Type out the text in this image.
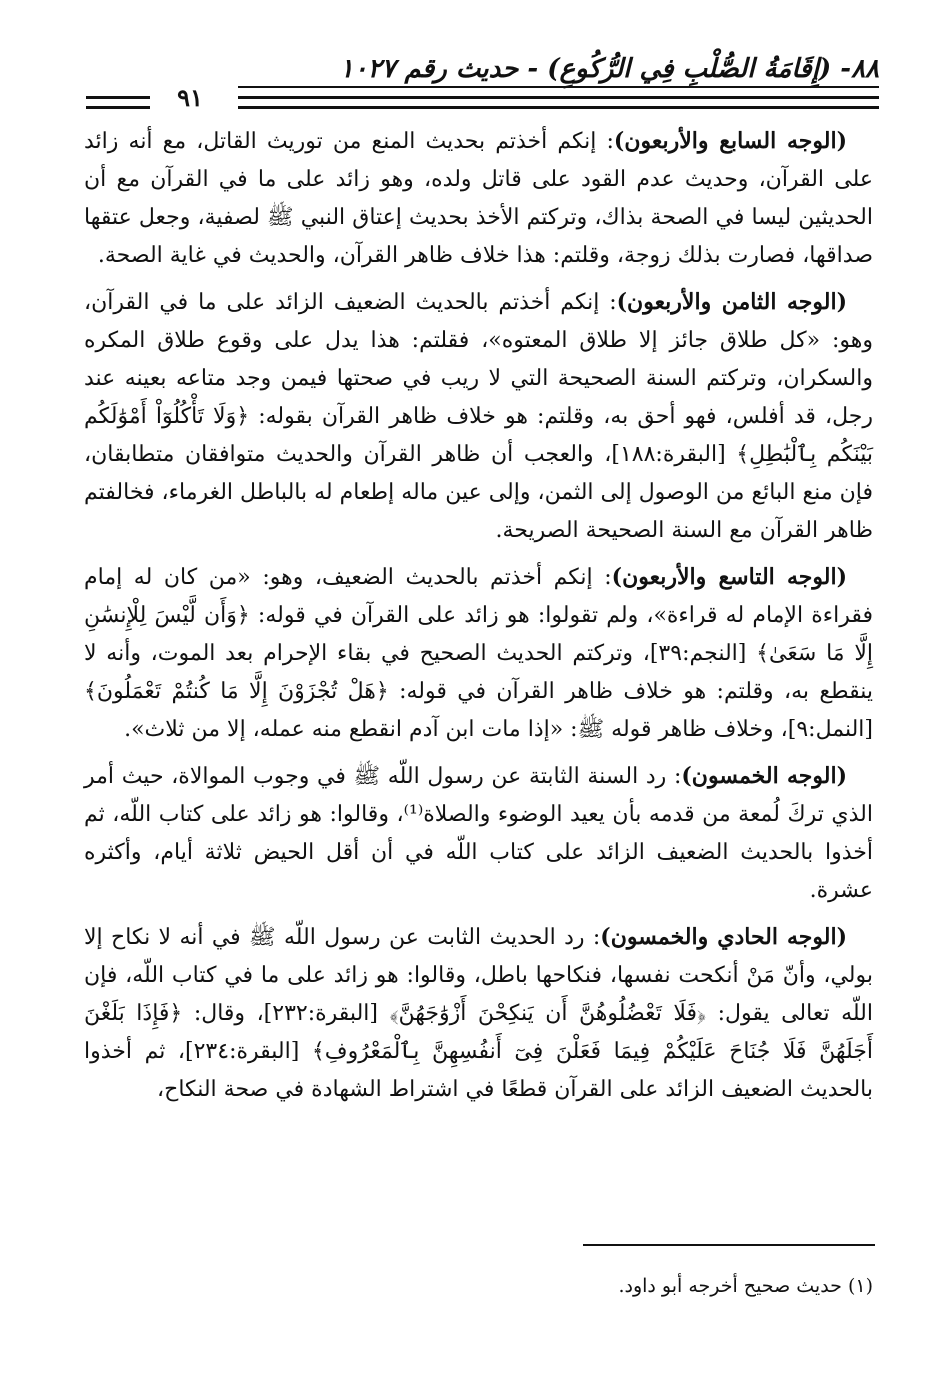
٨٨- (إِقَامَةُ الصُّلْبِ فِي الرُّكُوعِ) - حديث رقم ١٠٢٧
٩١

(الوجه السابع والأربعون): إنكم أخذتم بحديث المنع من توريث القاتل، مع أنه زائد على القرآن، وحديث عدم القود على قاتل ولده، وهو زائد على ما في القرآن مع أن الحديثين ليسا في الصحة بذاك، وتركتم الأخذ بحديث إعتاق النبي ﷺ لصفية، وجعل عتقها صداقها، فصارت بذلك زوجة، وقلتم: هذا خلاف ظاهر القرآن، والحديث في غاية الصحة.

(الوجه الثامن والأربعون): إنكم أخذتم بالحديث الضعيف الزائد على ما في القرآن، وهو: «كل طلاق جائز إلا طلاق المعتوه»، فقلتم: هذا يدل على وقوع طلاق المكره والسكران، وتركتم السنة الصحيحة التي لا ريب في صحتها فيمن وجد متاعه بعينه عند رجل، قد أفلس، فهو أحق به، وقلتم: هو خلاف ظاهر القرآن بقوله: ﴿وَلَا تَأْكُلُوٓاْ أَمْوَٰلَكُم بَيْنَكُم بِٱلْبَٰطِلِ﴾ [البقرة:١٨٨]، والعجب أن ظاهر القرآن والحديث متوافقان متطابقان، فإن منع البائع من الوصول إلى الثمن، وإلى عين ماله إطعام له بالباطل الغرماء، فخالفتم ظاهر القرآن مع السنة الصحيحة الصريحة.

(الوجه التاسع والأربعون): إنكم أخذتم بالحديث الضعيف، وهو: «من كان له إمام فقراءة الإمام له قراءة»، ولم تقولوا: هو زائد على القرآن في قوله: ﴿وَأَن لَّيْسَ لِلْإِنسَٰنِ إِلَّا مَا سَعَىٰ﴾ [النجم:٣٩]، وتركتم الحديث الصحيح في بقاء الإحرام بعد الموت، وأنه لا ينقطع به، وقلتم: هو خلاف ظاهر القرآن في قوله: ﴿هَلْ تُجْزَوْنَ إِلَّا مَا كُنتُمْ تَعْمَلُونَ﴾ [النمل:٩]، وخلاف ظاهر قوله ﷺ: «إذا مات ابن آدم انقطع منه عمله، إلا من ثلاث».

(الوجه الخمسون): رد السنة الثابتة عن رسول اللّه ﷺ في وجوب الموالاة، حيث أمر الذي تركَ لُمعة من قدمه بأن يعيد الوضوء والصلاة⁽¹⁾، وقالوا: هو زائد على كتاب اللّه، ثم أخذوا بالحديث الضعيف الزائد على كتاب اللّه في أن أقل الحيض ثلاثة أيام، وأكثره عشرة.

(الوجه الحادي والخمسون): رد الحديث الثابت عن رسول اللّه ﷺ في أنه لا نكاح إلا بولي، وأنّ مَنْ أنكحت نفسها، فنكاحها باطل، وقالوا: هو زائد على ما في كتاب اللّه، فإن اللّه تعالى يقول: ﴿فَلَا تَعْضُلُوهُنَّ أَن يَنكِحْنَ أَزْوَٰجَهُنَّ﴾ [البقرة:٢٣٢]، وقال: ﴿فَإِذَا بَلَغْنَ أَجَلَهُنَّ فَلَا جُنَاحَ عَلَيْكُمْ فِيمَا فَعَلْنَ فِىٓ أَنفُسِهِنَّ بِٱلْمَعْرُوفِ﴾ [البقرة:٢٣٤]، ثم أخذوا بالحديث الضعيف الزائد على القرآن قطعًا في اشتراط الشهادة في صحة النكاح،

(١) حديث صحيح أخرجه أبو داود.
